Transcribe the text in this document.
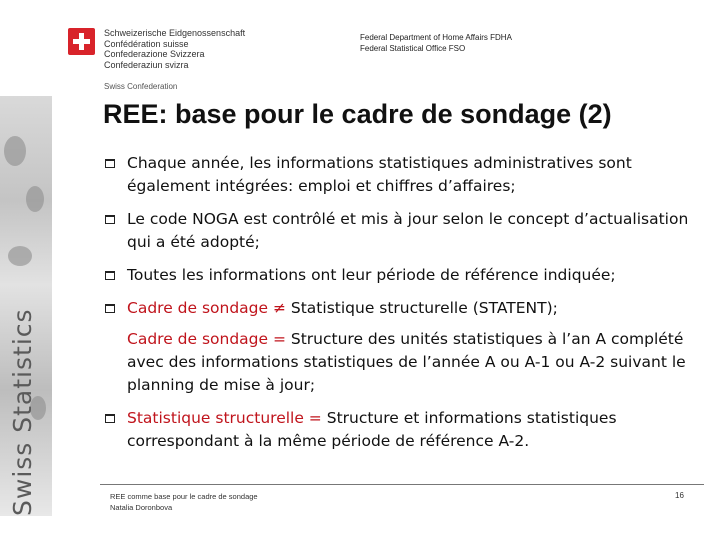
Swiss Statistics
Schweizerische Eidgenossenschaft
Confédération suisse
Confederazione Svizzera
Confederaziun svizra
Swiss Confederation
Federal Department of Home Affairs FDHA
Federal Statistical Office FSO
REE: base pour le cadre de sondage (2)
Chaque année, les informations statistiques administratives sont également intégrées: emploi et chiffres d’affaires;
Le code NOGA est contrôlé et mis à jour selon le concept d’actualisation qui a été adopté;
Toutes les informations ont leur période de référence indiquée;
Cadre de sondage ≠ Statistique structurelle (STATENT);
Cadre de sondage = Structure des unités statistiques à l’an A complété avec des informations statistiques de l’année A ou A-1 ou A-2 suivant le planning de mise à jour;
Statistique structurelle = Structure et informations statistiques correspondant à la même période de référence A-2.
REE comme base pour le cadre de sondage
Natalia Doronbova
16
